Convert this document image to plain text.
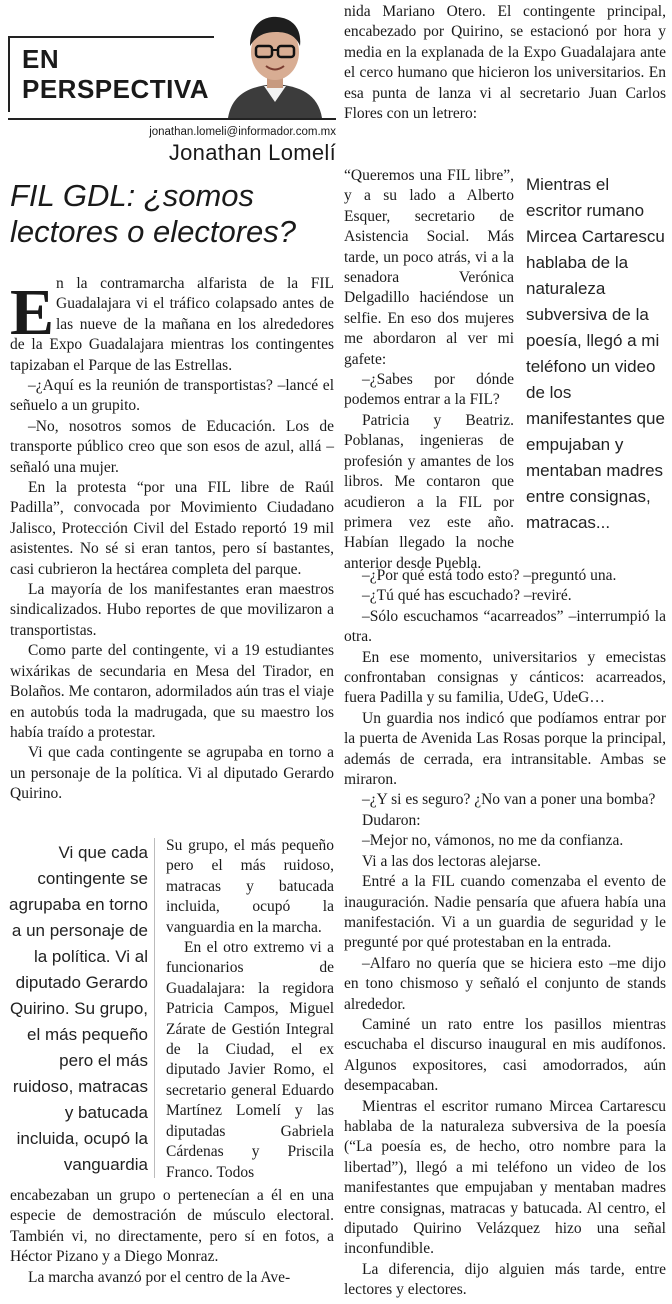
EN
PERSPECTIVA
jonathan.lomeli@informador.com.mx
Jonathan Lomelí
FIL GDL: ¿somos
lectores o electores?
E n la contramarcha alfarista de la FIL Guadalajara vi el tráfico colapsado antes de las nueve de la mañana en los alrededores de la Expo Guadalajara mientras los contingentes tapizaban el Parque de las Estrellas.

–¿Aquí es la reunión de transportistas? –lancé el señuelo a un grupito.

–No, nosotros somos de Educación. Los de transporte público creo que son esos de azul, allá –señaló una mujer.

En la protesta “por una FIL libre de Raúl Padilla”, convocada por Movimiento Ciudadano Jalisco, Protección Civil del Estado reportó 19 mil asistentes. No sé si eran tantos, pero sí bastantes, casi cubrieron la hectárea completa del parque.

La mayoría de los manifestantes eran maestros sindicalizados. Hubo reportes de que movilizaron a transportistas.

Como parte del contingente, vi a 19 estudiantes wixárikas de secundaria en Mesa del Tirador, en Bolaños. Me contaron, adormilados aún tras el viaje en autobús toda la madrugada, que su maestro los había traído a protestar.

Vi que cada contingente se agrupaba en torno a un personaje de la política. Vi al diputado Gerardo Quirino.

Vi que cada contingente se agrupaba en torno a un personaje de la política. Vi al diputado Gerardo Quirino. Su grupo, el más pequeño pero el más ruidoso, matracas y batucada incluida, ocupó la vanguardia

Su grupo, el más pequeño pero el más ruidoso, matracas y batucada incluida, ocupó la vanguardia en la marcha.

En el otro extremo vi a funcionarios de Guadalajara: la regidora Patricia Campos, Miguel Zárate de Gestión Integral de la Ciudad, el ex diputado Javier Romo, el secretario general Eduardo Martínez Lomelí y las diputadas Gabriela Cárdenas y Priscila Franco. Todos

encabezaban un grupo o pertenecían a él en una especie de demostración de músculo electoral. También vi, no directamente, pero sí en fotos, a Héctor Pizano y a Diego Monraz.

La marcha avanzó por el centro de la Ave-

nida Mariano Otero. El contingente principal, encabezado por Quirino, se estacionó por hora y media en la explanada de la Expo Guadalajara ante el cerco humano que hicieron los universitarios. En esa punta de lanza vi al secretario Juan Carlos Flores con un letrero:

“Queremos una FIL libre”, y a su lado a Alberto Esquer, secretario de Asistencia Social. Más tarde, un poco atrás, vi a la senadora Verónica Delgadillo haciéndose un selfie. En eso dos mujeres me abordaron al ver mi gafete:

–¿Sabes por dónde podemos entrar a la FIL?

Patricia y Beatriz. Poblanas, ingenieras de profesión y amantes de los libros. Me contaron que acudieron a la FIL por primera vez este año. Habían llegado la noche anterior desde Puebla.

Mientras el escritor rumano Mircea Cartarescu hablaba de la naturaleza subversiva de la poesía, llegó a mi teléfono un video de los manifestantes que empujaban y mentaban madres entre consignas, matracas...

–¿Por qué está todo esto? –preguntó una.

–¿Tú qué has escuchado? –reviré.

–Sólo escuchamos “acarreados” –interrumpió la otra.

En ese momento, universitarios y emecistas confrontaban consignas y cánticos: acarreados, fuera Padilla y su familia, UdeG, UdeG…

Un guardia nos indicó que podíamos entrar por la puerta de Avenida Las Rosas porque la principal, además de cerrada, era intransitable. Ambas se miraron.

–¿Y si es seguro? ¿No van a poner una bomba?

Dudaron:

–Mejor no, vámonos, no me da confianza.

Vi a las dos lectoras alejarse.

Entré a la FIL cuando comenzaba el evento de inauguración. Nadie pensaría que afuera había una manifestación. Vi a un guardia de seguridad y le pregunté por qué protestaban en la entrada.

–Alfaro no quería que se hiciera esto –me dijo en tono chismoso y señaló el conjunto de stands alrededor.

Caminé un rato entre los pasillos mientras escuchaba el discurso inaugural en mis audífonos. Algunos expositores, casi amodorrados, aún desempacaban.

Mientras el escritor rumano Mircea Cartarescu hablaba de la naturaleza subversiva de la poesía (“La poesía es, de hecho, otro nombre para la libertad”), llegó a mi teléfono un video de los manifestantes que empujaban y mentaban madres entre consignas, matracas y batucada. Al centro, el diputado Quirino Velázquez hizo una señal inconfundible.

La diferencia, dijo alguien más tarde, entre lectores y electores.
